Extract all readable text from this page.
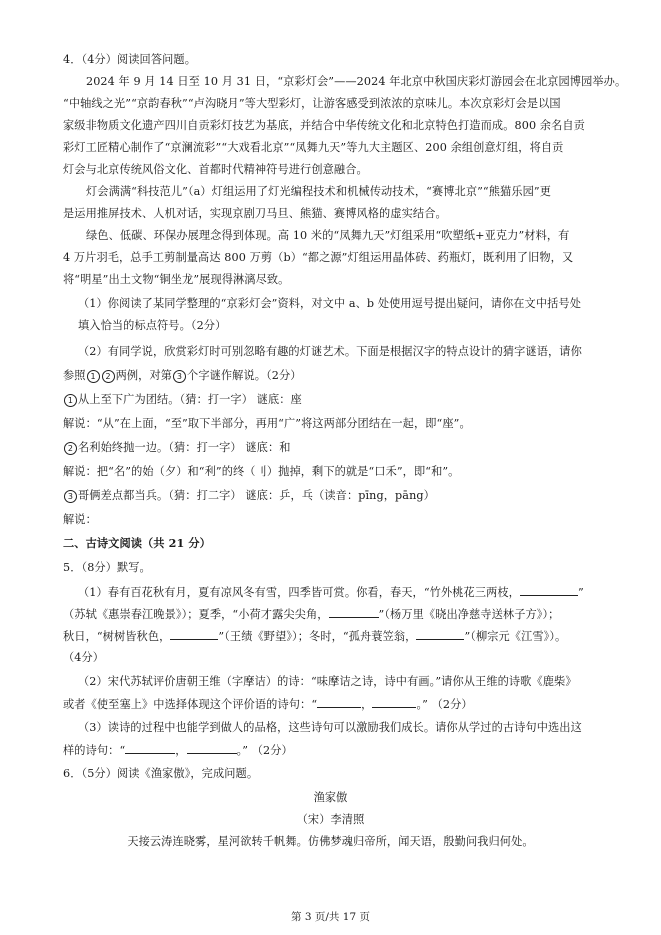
4．（4分）阅读回答问题。
2024 年 9 月 14 日至 10 月 31 日，“京彩灯会”——2024 年北京中秋国庆彩灯游园会在北京园博园举办。
“中轴线之光”“京韵春秋”“卢沟晓月”等大型彩灯，让游客感受到浓浓的京味儿。本次京彩灯会是以国
家级非物质文化遗产四川自贡彩灯技艺为基底，并结合中华传统文化和北京特色打造而成。800 余名自贡
彩灯工匠精心制作了“京澜流彩”“大戏看北京”“凤舞九天”等九大主题区、200 余组创意灯组，将自贡
灯会与北京传统风俗文化、首都时代精神符号进行创意融合。
灯会满满“科技范儿”（a）灯组运用了灯光编程技术和机械传动技术，“赛博北京”“熊猫乐园”更
是运用推屏技术、人机对话，实现京剧刀马旦、熊猫、赛博风格的虚实结合。
绿色、低碳、环保办展理念得到体现。高 10 米的“凤舞九天”灯组采用“吹塑纸+亚克力”材料，有
4 万片羽毛，总手工剪制量高达 800 万剪（b）“都之源”灯组运用晶体砖、药瓶灯，既利用了旧物，又
将“明星”出土文物“铜坐龙”展现得淋漓尽致。
（1）你阅读了某同学整理的“京彩灯会”资料，对文中 a、b 处使用逗号提出疑问，请你在文中括号处
填入恰当的标点符号。（2分）
（2）有同学说，欣赏彩灯时可别忽略有趣的灯谜艺术。下面是根据汉字的特点设计的猜字谜语，请你
参照 1 2 两例，对第 3 个字谜作解说。（2分）
1 从上至下广为团结。（猜：打一字） 谜底：座
解说：“从”在上面，“至”取下半部分，再用“广”将这两部分团结在一起，即“座”。
2 名利始终抛一边。（猜：打一字） 谜底：和
解说：把“名”的始（夕）和“利”的终（刂）抛掉，剩下的就是“口禾”，即“和”。
3 哥俩差点都当兵。（猜：打二字） 谜底：乒，乓（读音：pīng，pāng）
解说：
二、古诗文阅读（共 21 分）
5．（8分）默写。
（1）春有百花秋有月，夏有凉风冬有雪，四季皆可赏。你看，春天，“竹外桃花三两枝，	”
（苏轼《惠崇春江晚景》）；夏季，“小荷才露尖尖角，	”（杨万里《晓出净慈寺送林子方》）；
秋日，“树树皆秋色，	”（王绩《野望》）；冬时，“孤舟蓑笠翁，	”（柳宗元《江雪》）。
（4分）
（2）宋代苏轼评价唐朝王维（字摩诘）的诗：“味摩诘之诗，诗中有画。”请你从王维的诗歌《鹿柴》
或者《使至塞上》中选择体现这个评价语的诗句：“	，	。” （2分）
（3）读诗的过程中也能学到做人的品格，这些诗句可以激励我们成长。请你从学过的古诗句中选出这
样的诗句：“	，	。” （2分）
6．（5分）阅读《渔家傲》，完成问题。
渔家傲
（宋）李清照
天接云涛连晓雾，星河欲转千帆舞。仿佛梦魂归帝所，闻天语，殷勤问我归何处。
第 3 页/共 17 页
